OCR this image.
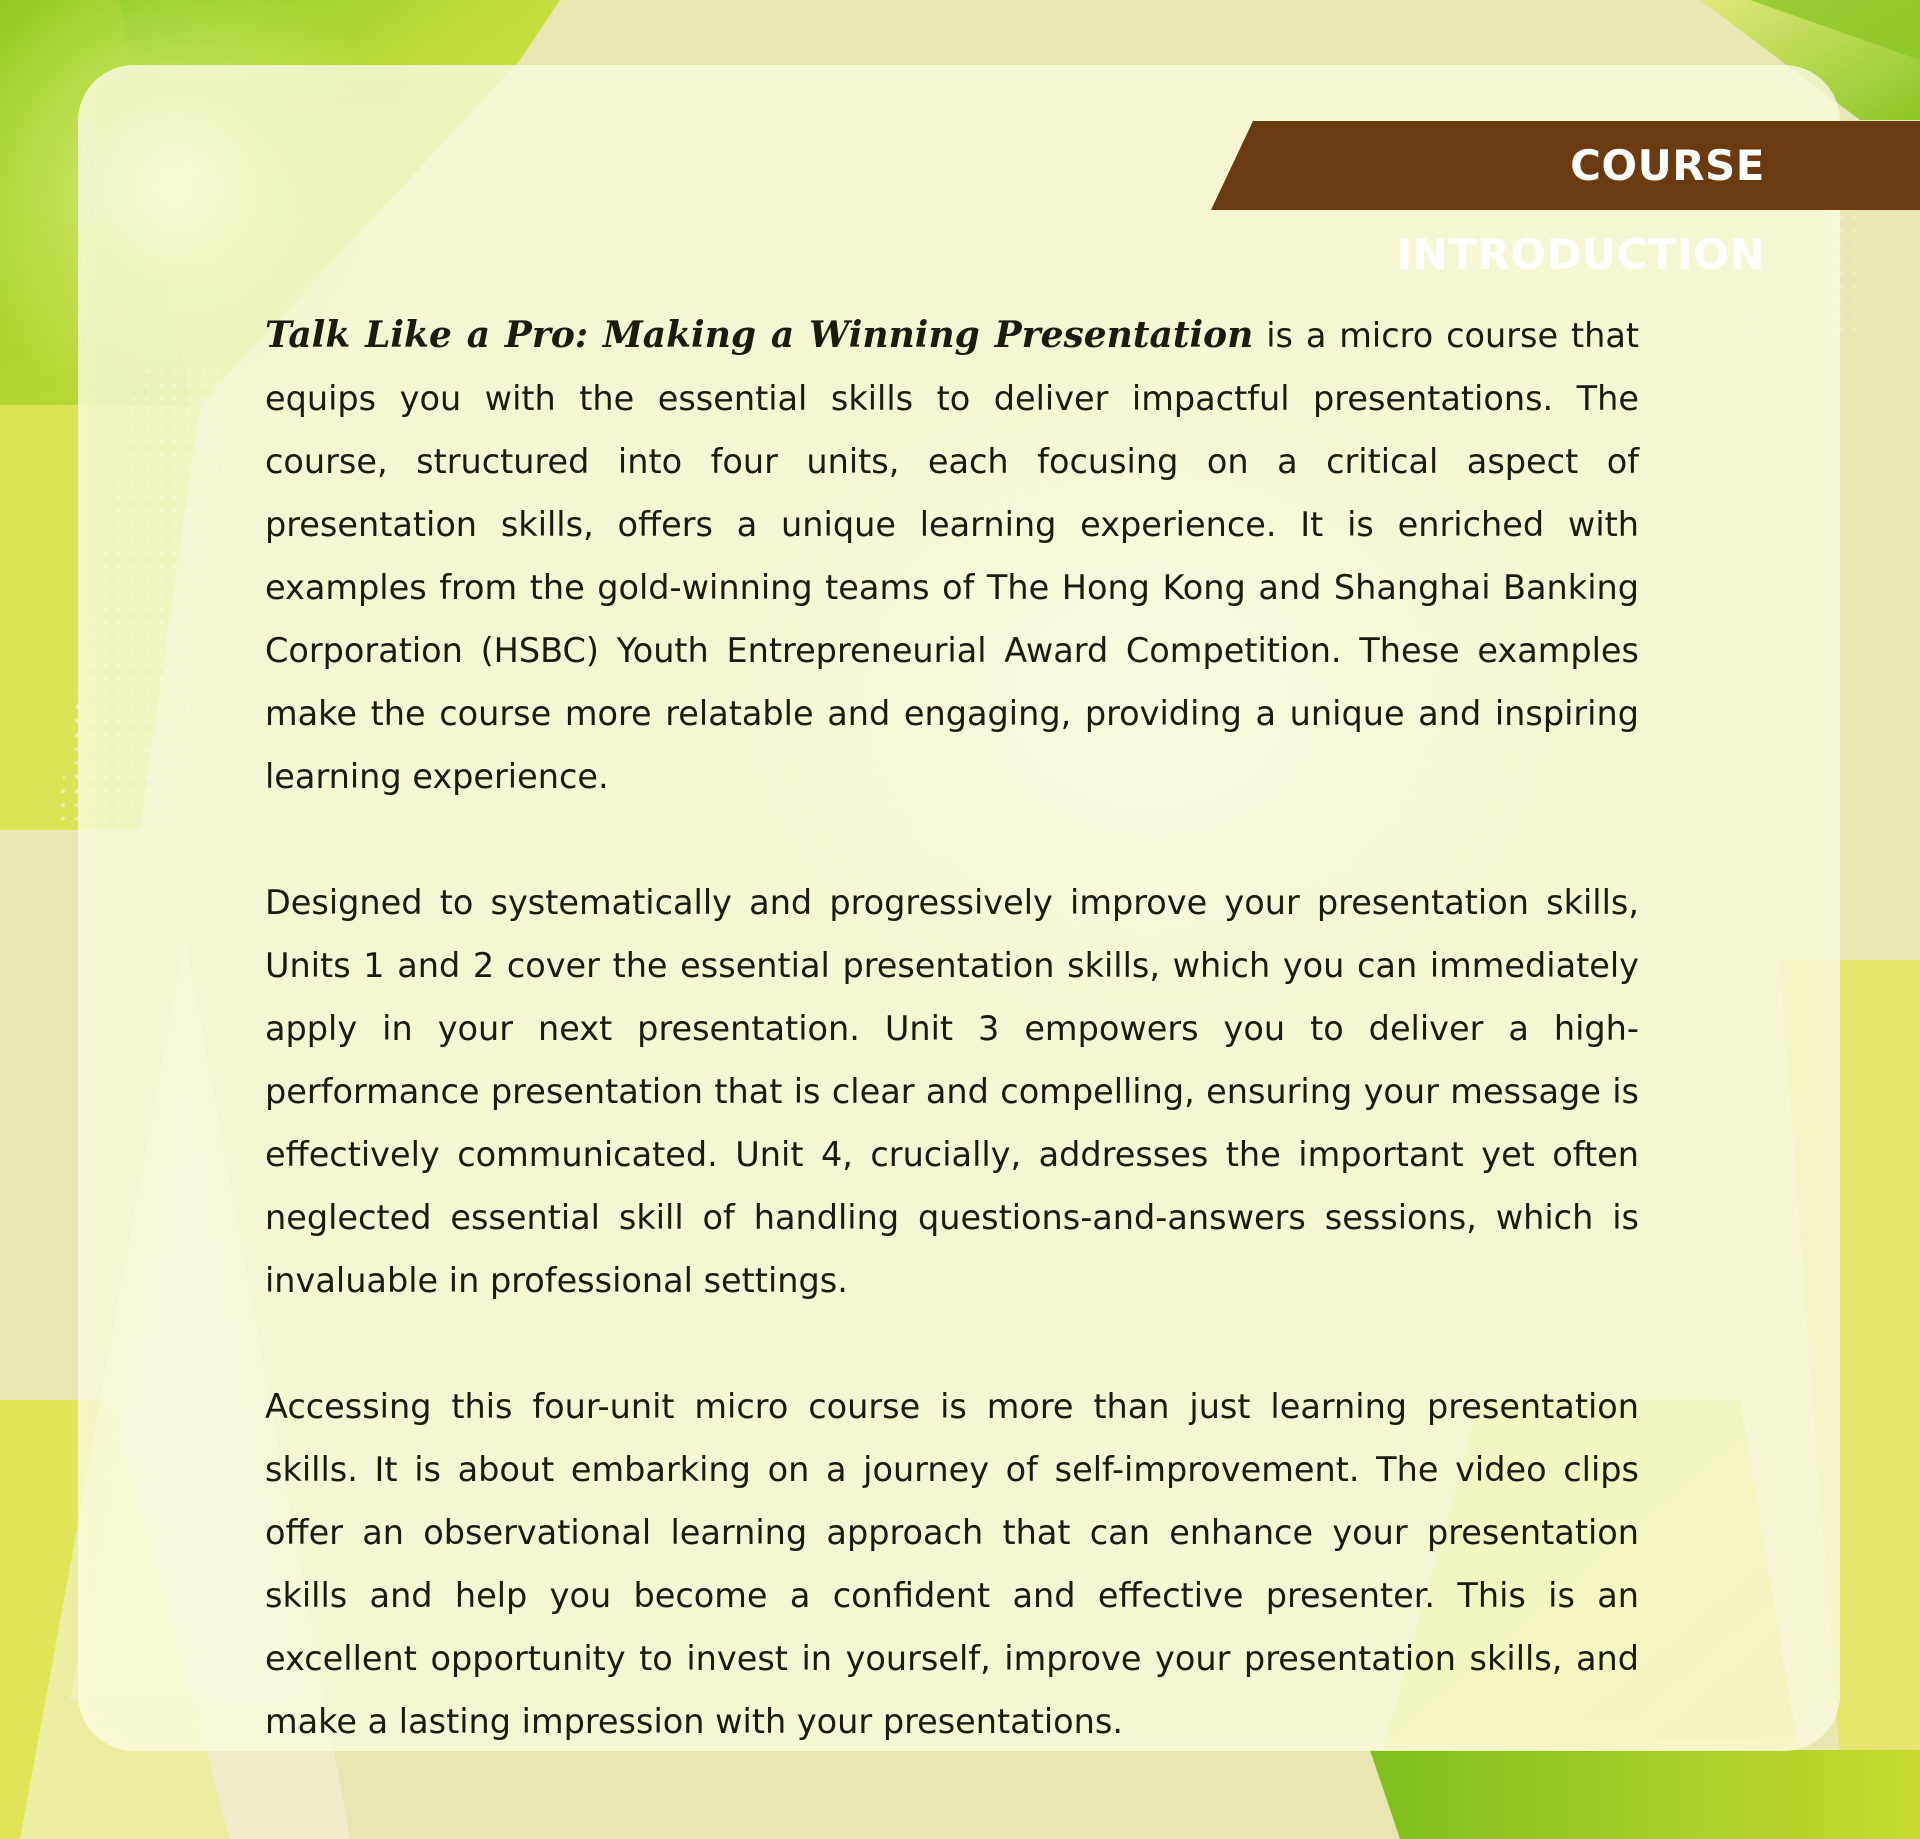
COURSE INTRODUCTION

Talk Like a Pro: Making a Winning Presentation is a micro course that equips you with the essential skills to deliver impactful presentations. The course, structured into four units, each focusing on a critical aspect of presentation skills, offers a unique learning experience. It is enriched with examples from the gold-winning teams of The Hong Kong and Shanghai Banking Corporation (HSBC) Youth Entrepreneurial Award Competition. These examples make the course more relatable and engaging, providing a unique and inspiring learning experience.

Designed to systematically and progressively improve your presentation skills, Units 1 and 2 cover the essential presentation skills, which you can immediately apply in your next presentation. Unit 3 empowers you to deliver a high-performance presentation that is clear and compelling, ensuring your message is effectively communicated. Unit 4, crucially, addresses the important yet often neglected essential skill of handling questions-and-answers sessions, which is invaluable in professional settings.

Accessing this four-unit micro course is more than just learning presentation skills. It is about embarking on a journey of self-improvement. The video clips offer an observational learning approach that can enhance your presentation skills and help you become a confident and effective presenter. This is an excellent opportunity to invest in yourself, improve your presentation skills, and make a lasting impression with your presentations.
